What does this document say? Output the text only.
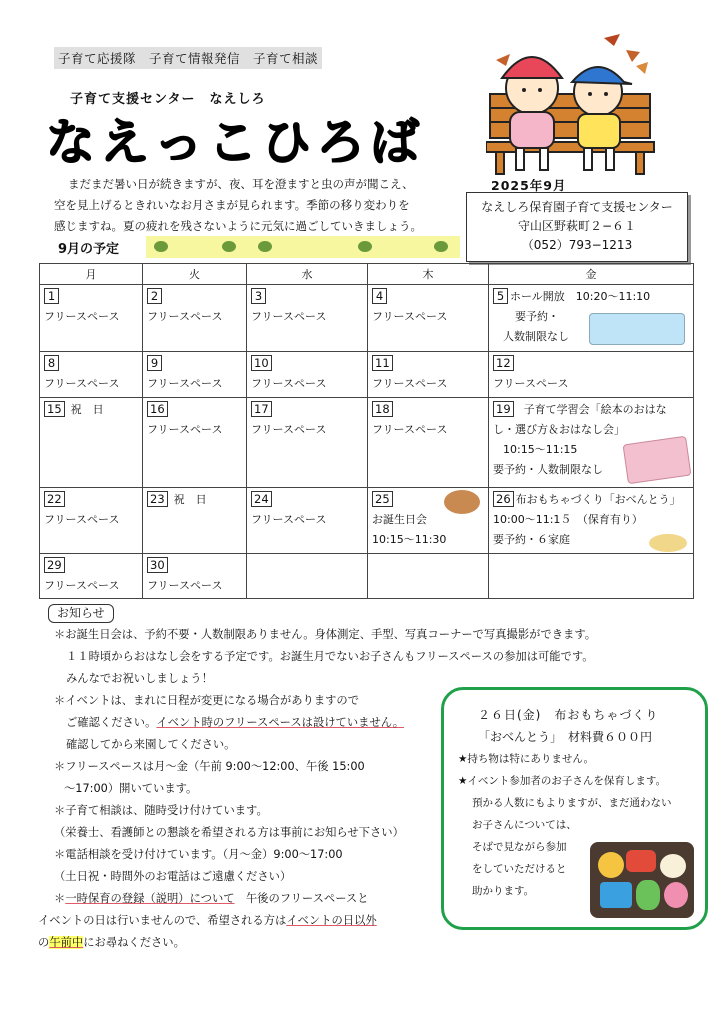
子育て応援隊　子育て情報発信　子育て相談
子育て支援センター　なえしろ
なえっこひろば

まだまだ暑い日が続きますが、夜、耳を澄ますと虫の声が聞こえ、

空を見上げるときれいなお月さまが見られます。季節の移り変わりを
感じますね。夏の疲れを残さないように元気に過ごしていきましょう。
2025年9月
なえしろ保育園子育て支援センター
守山区野萩町２−６１
（052）793−1213
9月の予定
月	火	水	木	金
1
フリースペース	2
フリースペース	3
フリースペース	4
フリースペース	5 ホール開放　10:20〜11:10
要予約・
人数制限なし

8
フリースペース	9
フリースペース	10
フリースペース	11
フリースペース	12
フリースペース

15 祝　日	16
フリースペース	17
フリースペース	18
フリースペース	19 子育て学習会「絵本のおはな
し・選び方＆おはなし会」
10:15〜11:15
要予約・人数制限なし

22
フリースペース	23 祝　日	24
フリースペース	25
お誕生日会
10:15〜11:30	26 布おもちゃづくり「おべんとう」
10:00〜11:1５　（保育有り）
要予約・６家庭

29
フリースペース	30
フリースペース			

お知らせ
＊お誕生日会は、予約不要・人数制限ありません。身体測定、手型、写真コーナーで写真撮影ができます。
１１時頃からおはなし会をする予定です。お誕生月でないお子さんもフリースペースの参加は可能です。
みんなでお祝いしましょう！
＊イベントは、まれに日程が変更になる場合がありますので
ご確認ください。イベント時のフリースペースは設けていません。
確認してから来園してください。
＊フリースペースは月〜金（午前 9:00〜12:00、午後 15:00
〜17:00）開いています。
＊子育て相談は、随時受け付けています。
（栄養士、看護師との懇談を希望される方は事前にお知らせ下さい）
＊電話相談を受け付けています。（月〜金）9:00〜17:00
（土日祝・時間外のお電話はご遠慮ください）
＊一時保育の登録（説明）について　午後のフリースペースと
イベントの日は行いませんので、希望される方はイベントの日以外
の午前中にお尋ねください。
２６日(金)　布おもちゃづくり
「おべんとう」　材料費６００円
★持ち物は特にありません。
★イベント参加者のお子さんを保育します。
預かる人数にもよりますが、まだ通わない
お子さんについては、
そばで見ながら参加
をしていただけると
助かります。
